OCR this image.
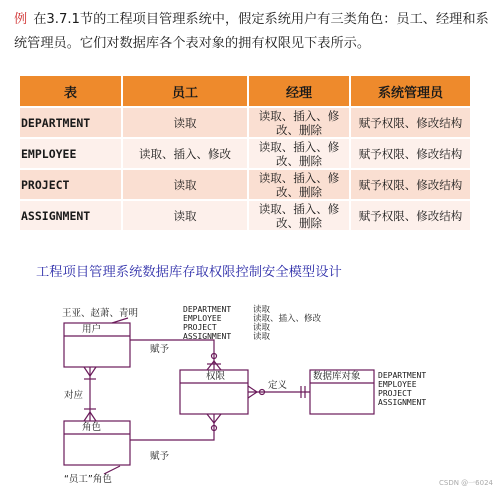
例 在3.7.1节的工程项目管理系统中，假定系统用户有三类角色：员工、经理和系统管理员。它们对数据库各个表对象的拥有权限见下表所示。
表	员工	经理	系统管理员
DEPARTMENT	读取	读取、插入、修改、删除	赋予权限、修改结构
EMPLOYEE	读取、插入、修改	读取、插入、修改、删除	赋予权限、修改结构
PROJECT	读取	读取、插入、修改、删除	赋予权限、修改结构
ASSIGNMENT	读取	读取、插入、修改、删除	赋予权限、修改结构
工程项目管理系统数据库存取权限控制安全模型设计
王亚、赵萧、青明
用户
角色
权限	数据库对象
赋予
赋予
对应
定义
“员工”角色
DEPARTMENT
EMPLOYEE
PROJECT
ASSIGNMENT
读取
读取、插入、修改
读取
读取
DEPARTMENT
EMPLOYEE
PROJECT
ASSIGNMENT
CSDN @一6024
